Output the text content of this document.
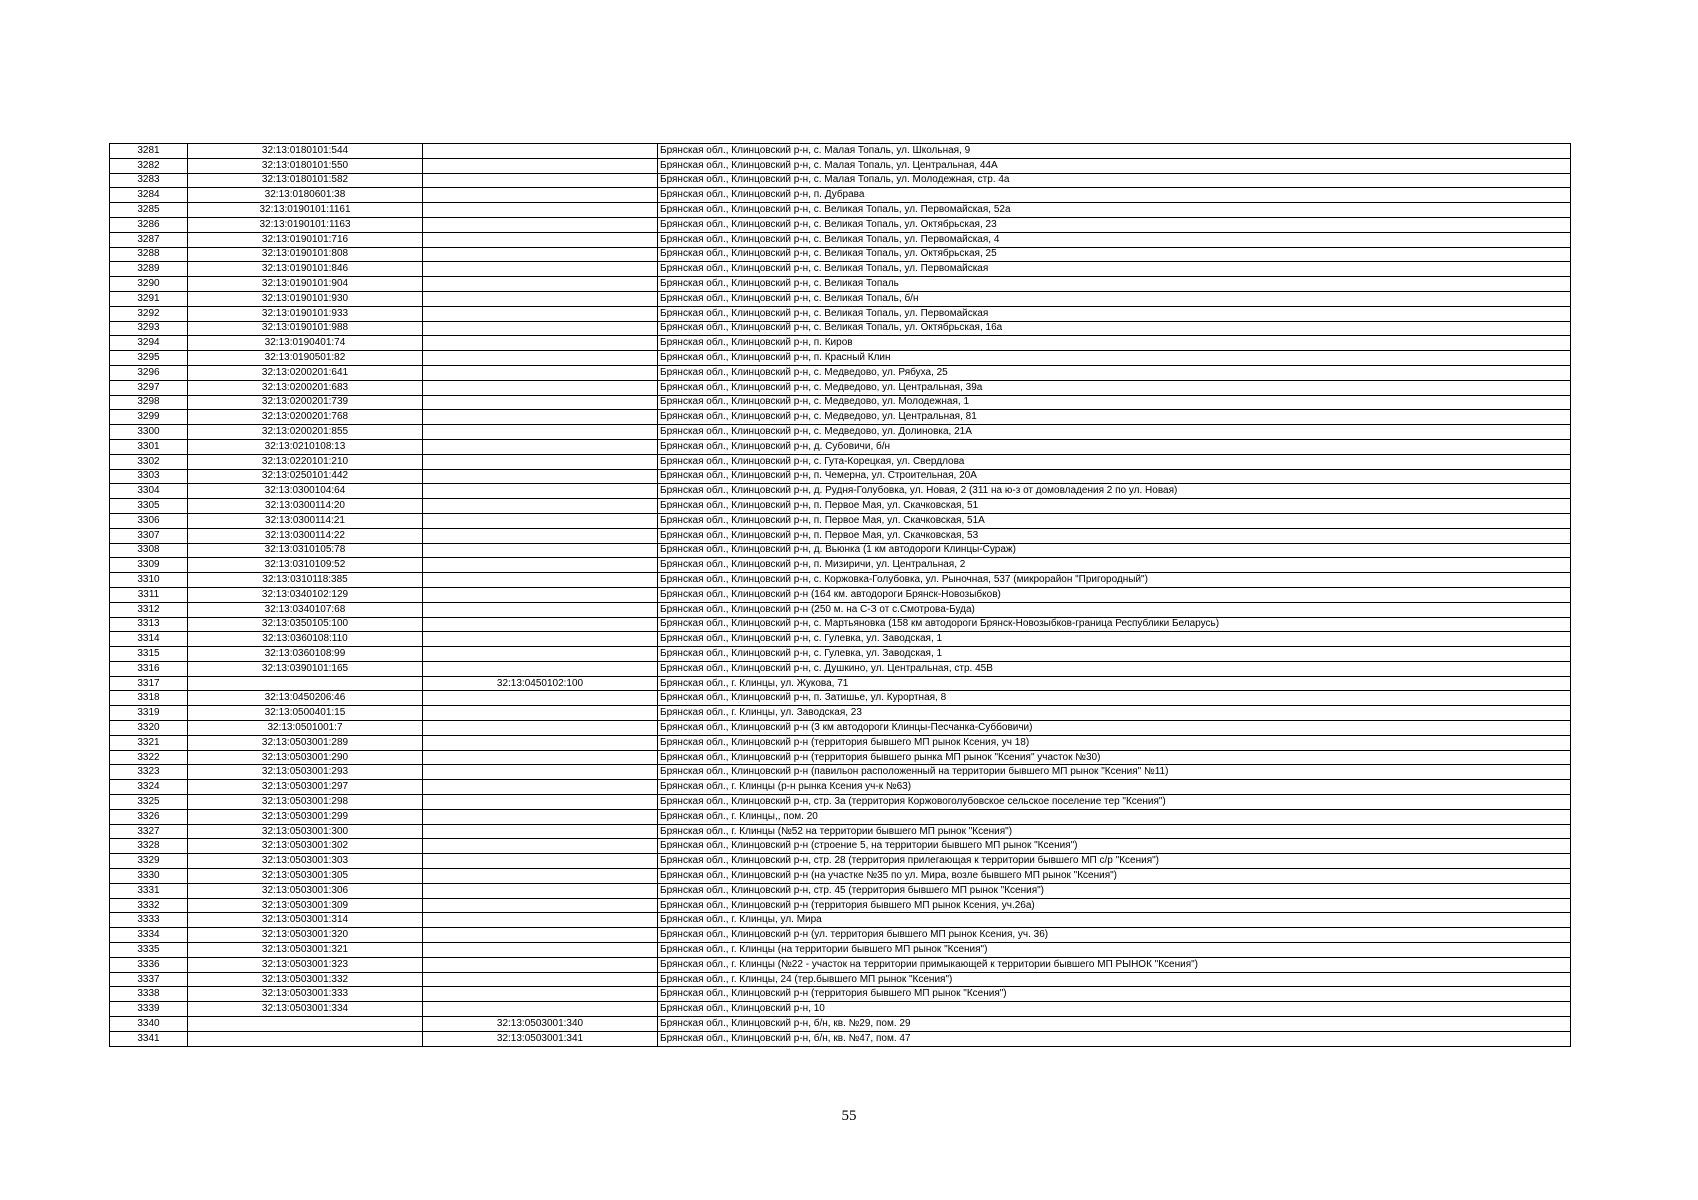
3281	32:13:0180101:544		Брянская обл., Клинцовский р-н, с. Малая Топаль, ул. Школьная, 9
3282	32:13:0180101:550		Брянская обл., Клинцовский р-н, с. Малая Топаль, ул. Центральная, 44А
3283	32:13:0180101:582		Брянская обл., Клинцовский р-н, с. Малая Топаль, ул. Молодежная, стр. 4а
3284	32:13:0180601:38		Брянская обл., Клинцовский р-н, п. Дубрава
3285	32:13:0190101:1161		Брянская обл., Клинцовский р-н, с. Великая Топаль, ул. Первомайская, 52а
3286	32:13:0190101:1163		Брянская обл., Клинцовский р-н, с. Великая Топаль, ул. Октябрьская, 23
3287	32:13:0190101:716		Брянская обл., Клинцовский р-н, с. Великая Топаль, ул. Первомайская, 4
3288	32:13:0190101:808		Брянская обл., Клинцовский р-н, с. Великая Топаль, ул. Октябрьская, 25
3289	32:13:0190101:846		Брянская обл., Клинцовский р-н, с. Великая Топаль, ул. Первомайская
3290	32:13:0190101:904		Брянская обл., Клинцовский р-н, с. Великая Топаль
3291	32:13:0190101:930		Брянская обл., Клинцовский р-н, с. Великая Топаль, б/н
3292	32:13:0190101:933		Брянская обл., Клинцовский р-н, с. Великая Топаль, ул. Первомайская
3293	32:13:0190101:988		Брянская обл., Клинцовский р-н, с. Великая Топаль, ул. Октябрьская, 16а
3294	32:13:0190401:74		Брянская обл., Клинцовский р-н, п. Киров
3295	32:13:0190501:82		Брянская обл., Клинцовский р-н, п. Красный Клин
3296	32:13:0200201:641		Брянская обл., Клинцовский р-н, с. Медведово, ул. Рябуха, 25
3297	32:13:0200201:683		Брянская обл., Клинцовский р-н, с. Медведово, ул. Центральная, 39а
3298	32:13:0200201:739		Брянская обл., Клинцовский р-н, с. Медведово, ул. Молодежная, 1
3299	32:13:0200201:768		Брянская обл., Клинцовский р-н, с. Медведово, ул. Центральная, 81
3300	32:13:0200201:855		Брянская обл., Клинцовский р-н, с. Медведово, ул. Долиновка, 21А
3301	32:13:0210108:13		Брянская обл., Клинцовский р-н, д. Субовичи, б/н
3302	32:13:0220101:210		Брянская обл., Клинцовский р-н, с. Гута-Корецкая, ул. Свердлова
3303	32:13:0250101:442		Брянская обл., Клинцовский р-н, п. Чемерна, ул. Строительная, 20А
3304	32:13:0300104:64		Брянская обл., Клинцовский р-н, д. Рудня-Голубовка, ул. Новая, 2 (311 на ю-з от домовладения 2 по ул. Новая)
3305	32:13:0300114:20		Брянская обл., Клинцовский р-н, п. Первое Мая, ул. Скачковская, 51
3306	32:13:0300114:21		Брянская обл., Клинцовский р-н, п. Первое Мая, ул. Скачковская, 51А
3307	32:13:0300114:22		Брянская обл., Клинцовский р-н, п. Первое Мая, ул. Скачковская, 53
3308	32:13:0310105:78		Брянская обл., Клинцовский р-н, д. Вьюнка (1 км автодороги Клинцы-Сураж)
3309	32:13:0310109:52		Брянская обл., Клинцовский р-н, п. Мизиричи, ул. Центральная, 2
3310	32:13:0310118:385		Брянская обл., Клинцовский р-н, с. Коржовка-Голубовка, ул. Рыночная, 537 (микрорайон "Пригородный")
3311	32:13:0340102:129		Брянская обл., Клинцовский р-н (164 км. автодороги Брянск-Новозыбков)
3312	32:13:0340107:68		Брянская обл., Клинцовский р-н (250 м. на С-З от с.Смотрова-Буда)
3313	32:13:0350105:100		Брянская обл., Клинцовский р-н, с. Мартьяновка (158 км автодороги Брянск-Новозыбков-граница Республики Беларусь)
3314	32:13:0360108:110		Брянская обл., Клинцовский р-н, с. Гулевка, ул. Заводская, 1
3315	32:13:0360108:99		Брянская обл., Клинцовский р-н, с. Гулевка, ул. Заводская, 1
3316	32:13:0390101:165		Брянская обл., Клинцовский р-н, с. Душкино, ул. Центральная, стр. 45В
3317		32:13:0450102:100	Брянская обл., г. Клинцы, ул. Жукова, 71
3318	32:13:0450206:46		Брянская обл., Клинцовский р-н, п. Затишье, ул. Курортная, 8
3319	32:13:0500401:15		Брянская обл., г. Клинцы, ул. Заводская, 23
3320	32:13:0501001:7		Брянская обл., Клинцовский р-н (3 км автодороги Клинцы-Песчанка-Суббовичи)
3321	32:13:0503001:289		Брянская обл., Клинцовский р-н (территория бывшего МП рынок Ксения, уч 18)
3322	32:13:0503001:290		Брянская обл., Клинцовский р-н (территория бывшего рынка МП рынок "Ксения" участок №30)
3323	32:13:0503001:293		Брянская обл., Клинцовский р-н (павильон расположенный на территории бывшего МП рынок "Ксения" №11)
3324	32:13:0503001:297		Брянская обл., г. Клинцы (р-н рынка Ксения уч-к №63)
3325	32:13:0503001:298		Брянская обл., Клинцовский р-н, стр. 3а (территория Коржовоголубовское сельское поселение тер "Ксения")
3326	32:13:0503001:299		Брянская обл., г. Клинцы,, пом. 20
3327	32:13:0503001:300		Брянская обл., г. Клинцы (№52 на территории бывшего МП рынок "Ксения")
3328	32:13:0503001:302		Брянская обл., Клинцовский р-н (строение 5, на территории бывшего МП рынок "Ксения")
3329	32:13:0503001:303		Брянская обл., Клинцовский р-н, стр. 28 (территория прилегающая к территории бывшего МП с/р "Ксения")
3330	32:13:0503001:305		Брянская обл., Клинцовский р-н (на участке №35 по ул. Мира, возле бывшего МП рынок "Ксения")
3331	32:13:0503001:306		Брянская обл., Клинцовский р-н, стр. 45 (территория бывшего МП рынок "Ксения")
3332	32:13:0503001:309		Брянская обл., Клинцовский р-н (территория бывшего МП рынок Ксения, уч.26а)
3333	32:13:0503001:314		Брянская обл., г. Клинцы, ул. Мира
3334	32:13:0503001:320		Брянская обл., Клинцовский р-н (ул. территория бывшего МП рынок Ксения, уч. 36)
3335	32:13:0503001:321		Брянская обл., г. Клинцы (на территории бывшего МП рынок "Ксения")
3336	32:13:0503001:323		Брянская обл., г. Клинцы (№22 - участок на территории примыкающей к территории бывшего МП РЫНОК "Ксения")
3337	32:13:0503001:332		Брянская обл., г. Клинцы, 24 (тер.бывшего МП рынок "Ксения")
3338	32:13:0503001:333		Брянская обл., Клинцовский р-н (территория бывшего МП рынок "Ксения")
3339	32:13:0503001:334		Брянская обл., Клинцовский р-н, 10
3340		32:13:0503001:340	Брянская обл., Клинцовский р-н, б/н, кв. №29, пом. 29
3341		32:13:0503001:341	Брянская обл., Клинцовский р-н, б/н, кв. №47, пом. 47
55
